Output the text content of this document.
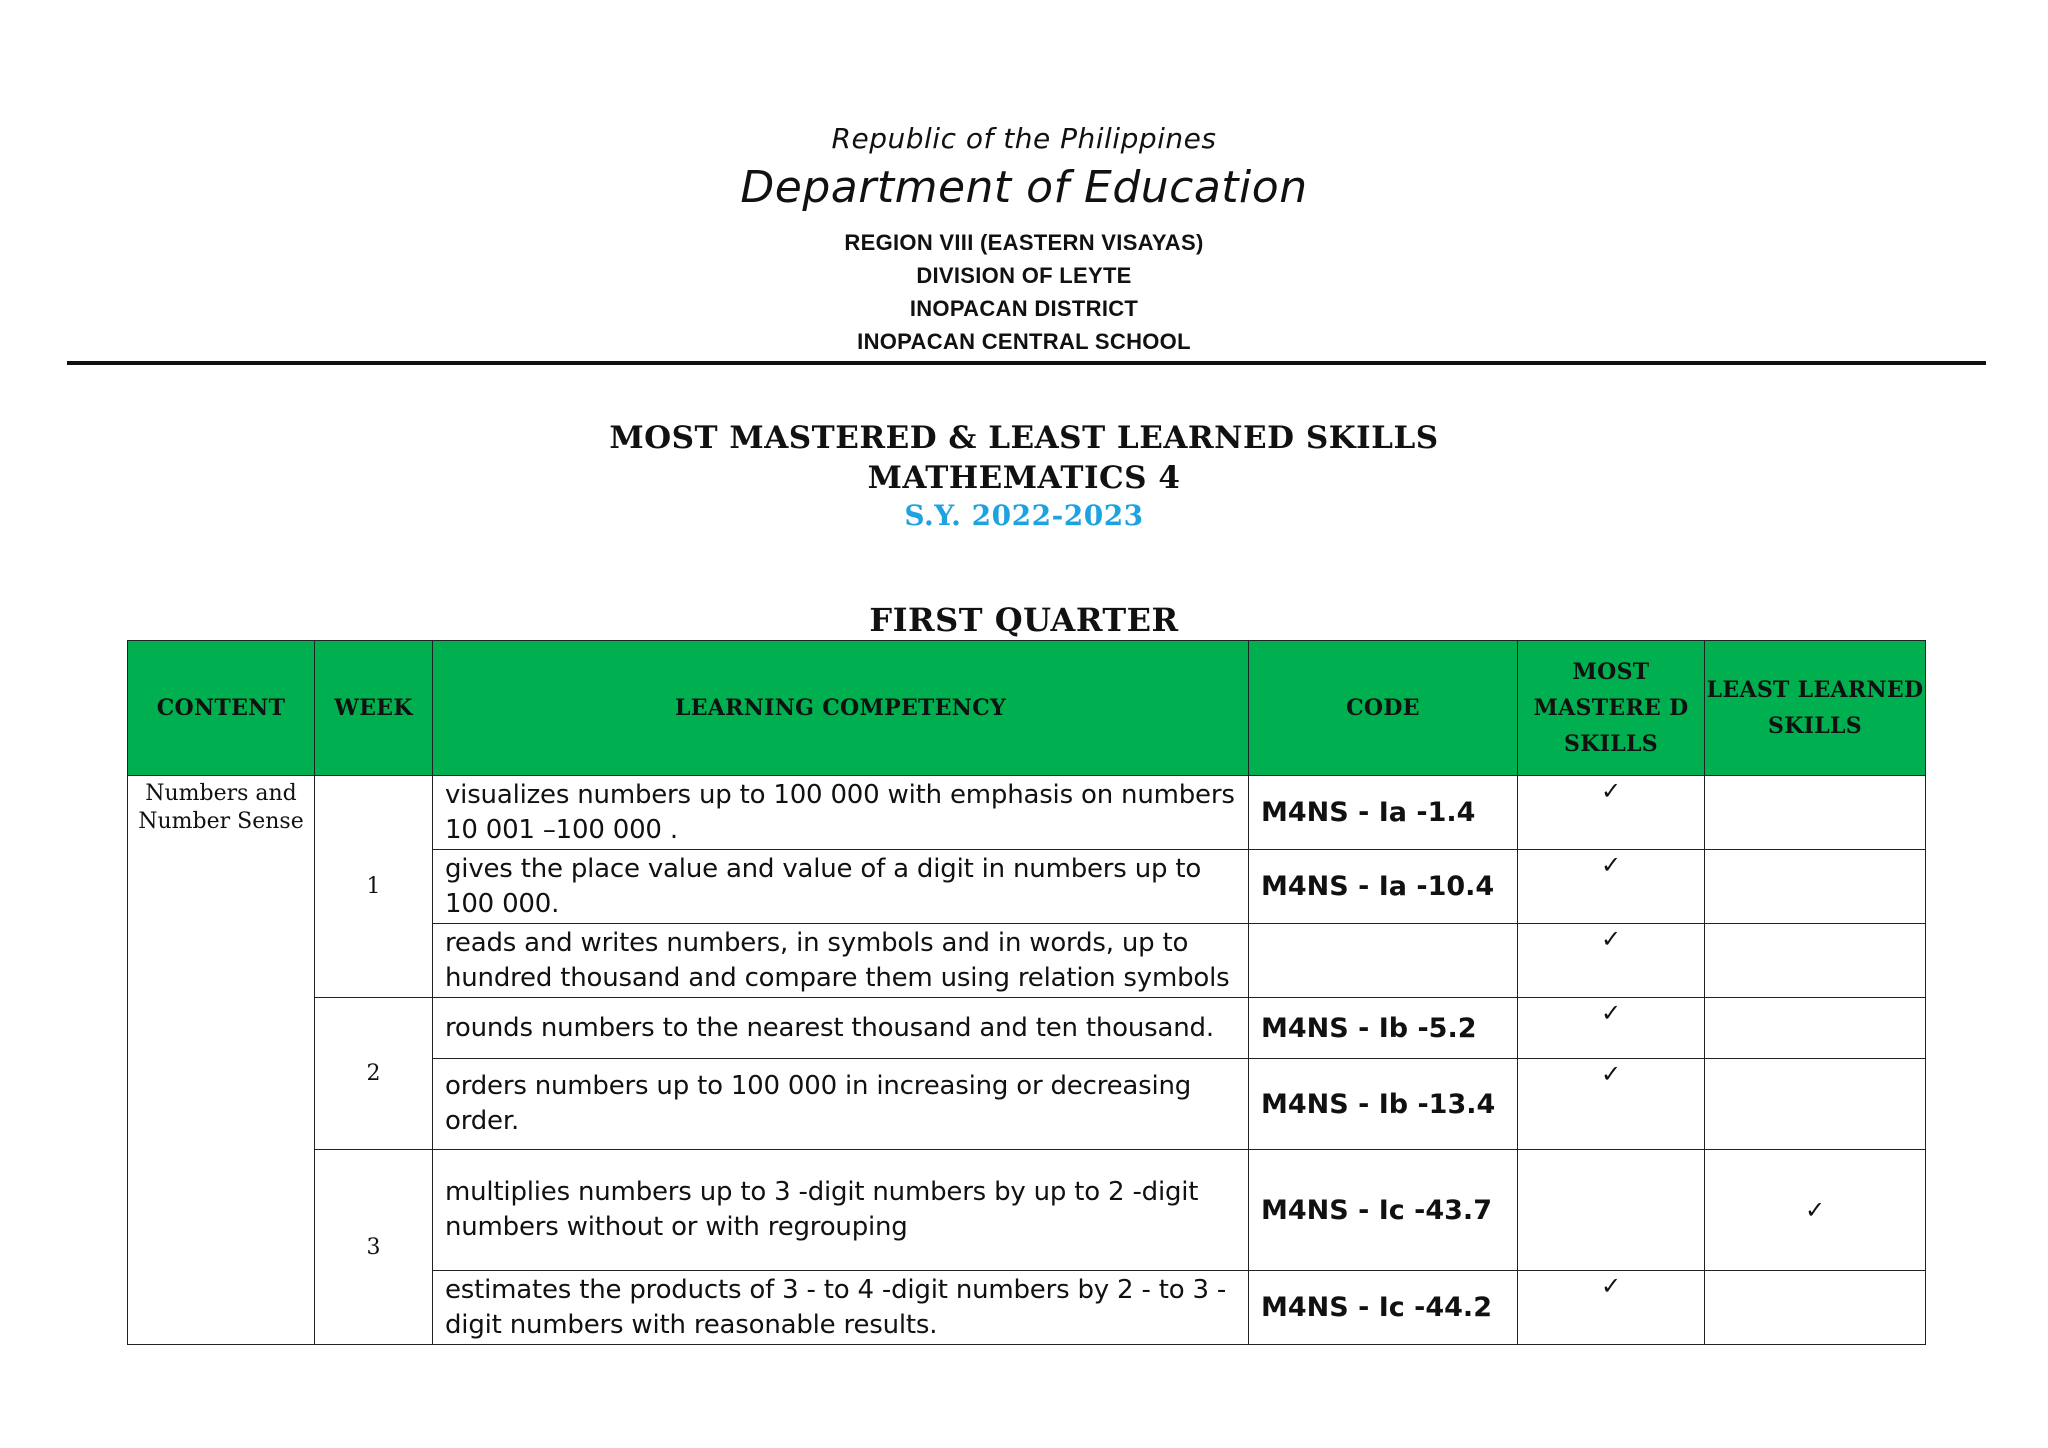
Republic of the Philippines
Department of Education
REGION VIII (EASTERN VISAYAS)
DIVISION OF LEYTE
INOPACAN DISTRICT
INOPACAN CENTRAL SCHOOL
MOST MASTERED & LEAST LEARNED SKILLS
MATHEMATICS 4
S.Y. 2022-2023
FIRST QUARTER
CONTENT	WEEK	LEARNING COMPETENCY	CODE	MOST MASTERE D SKILLS	LEAST LEARNED SKILLS
Numbers and Number Sense	1	visualizes numbers up to 100 000 with emphasis on numbers 10 001 –100 000 .	M4NS - Ia -1.4	✓	
		gives the place value and value of a digit in numbers up to 100 000.	M4NS - Ia -10.4	✓	
		reads and writes numbers, in symbols and in words, up to hundred thousand and compare them using relation symbols		✓	
	2	rounds numbers to the nearest thousand and ten thousand.	M4NS - Ib -5.2	✓	
		orders numbers up to 100 000 in increasing or decreasing order.	M4NS - Ib -13.4	✓	
	3	multiplies numbers up to 3 -digit numbers by up to 2 -digit numbers without or with regrouping	M4NS - Ic -43.7		✓
		estimates the products of 3 - to 4 -digit numbers by 2 - to 3 - digit numbers with reasonable results.	M4NS - Ic -44.2	✓	
